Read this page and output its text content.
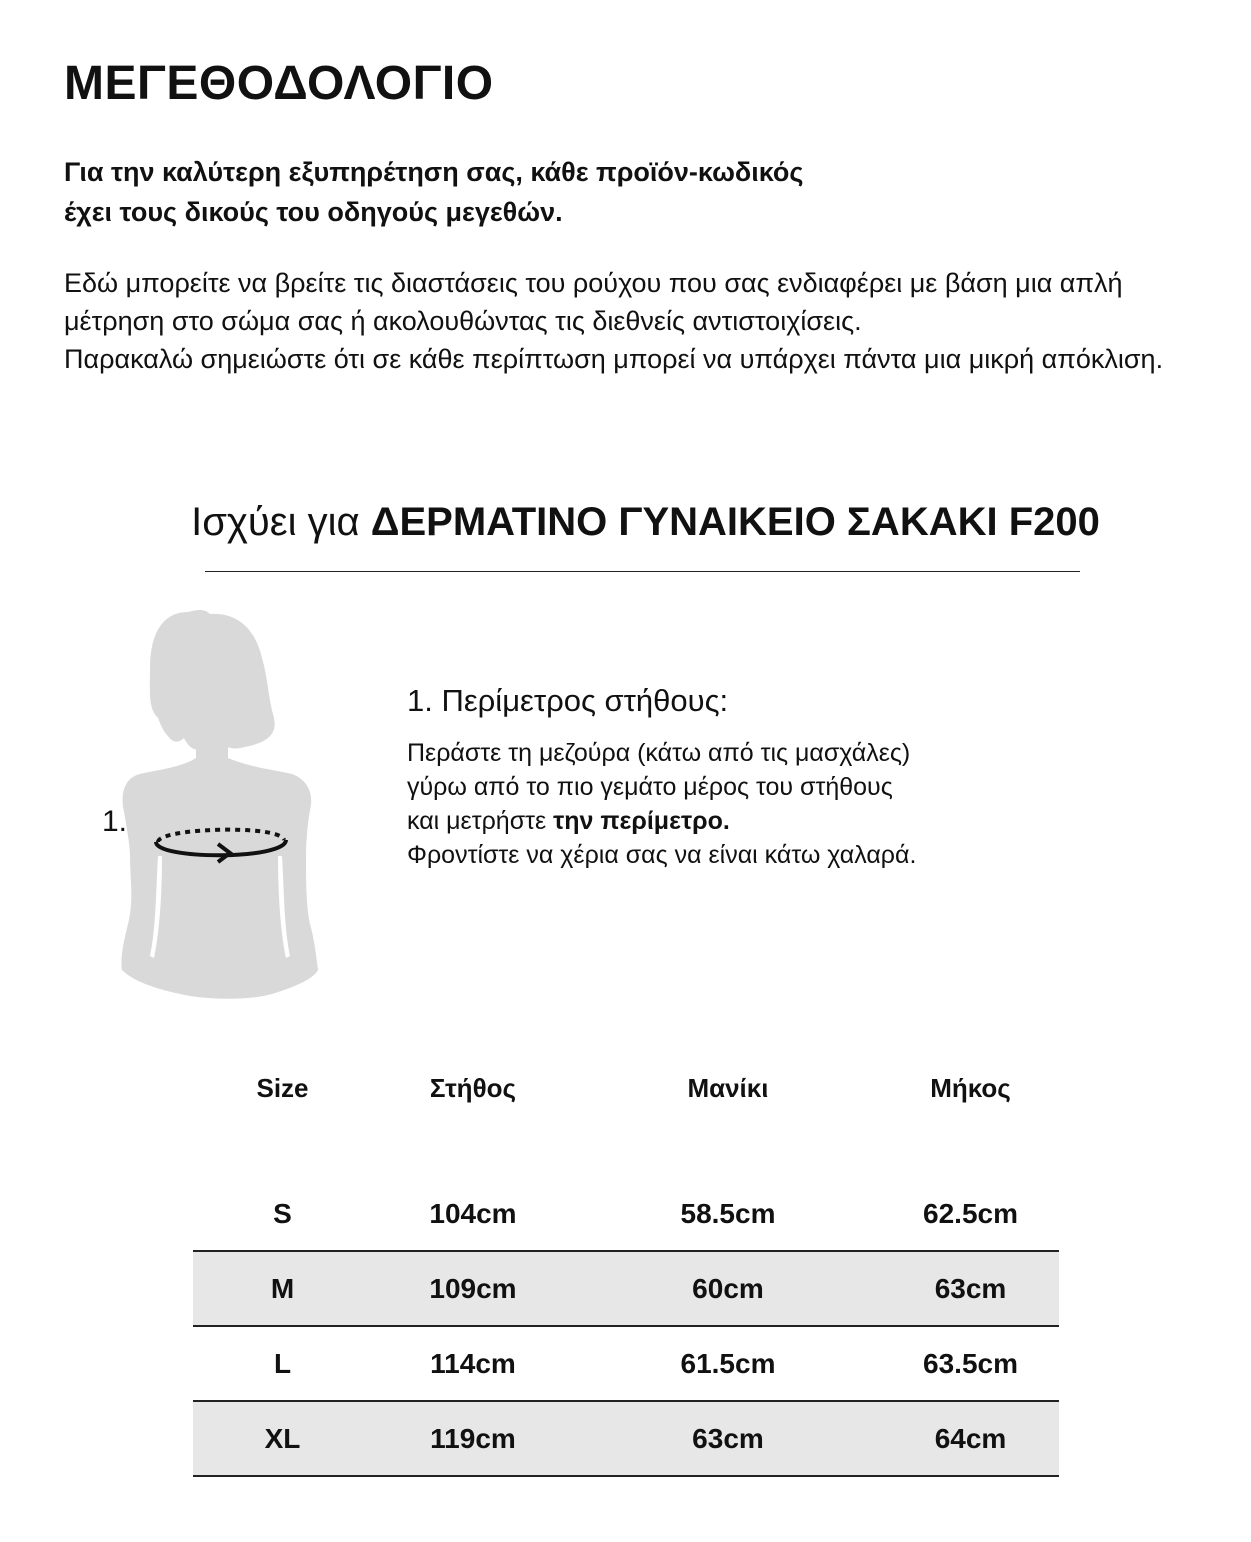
ΜΕΓΕΘΟΔΟΛΟΓΙΟ
Για την καλύτερη εξυπηρέτηση σας, κάθε προϊόν-κωδικός
έχει τους δικούς του οδηγούς μεγεθών.

Εδώ μπορείτε να βρείτε τις διαστάσεις του ρούχου που σας ενδιαφέρει με βάση μια απλή μέτρηση στο σώμα σας ή ακολουθώντας τις διεθνείς αντιστοιχίσεις.

Παρακαλώ σημειώστε ότι σε κάθε περίπτωση μπορεί να υπάρχει πάντα μια μικρή απόκλιση.

Ισχύει για ΔΕΡΜΑΤΙΝΟ ΓΥΝΑΙΚΕΙΟ ΣΑΚΑΚΙ F200
1.
1. Περίμετρος στήθους:

Περάστε τη μεζούρα (κάτω από τις μασχάλες)

γύρω από το πιο γεμάτο μέρος του στήθους

και μετρήστε την περίμετρο.

Φροντίστε να χέρια σας να είναι κάτω χαλαρά.

Size	Στήθος	Μανίκι	Μήκος

S	104cm	58.5cm	62.5cm
M	109cm	60cm	63cm
L	114cm	61.5cm	63.5cm
XL	119cm	63cm	64cm
